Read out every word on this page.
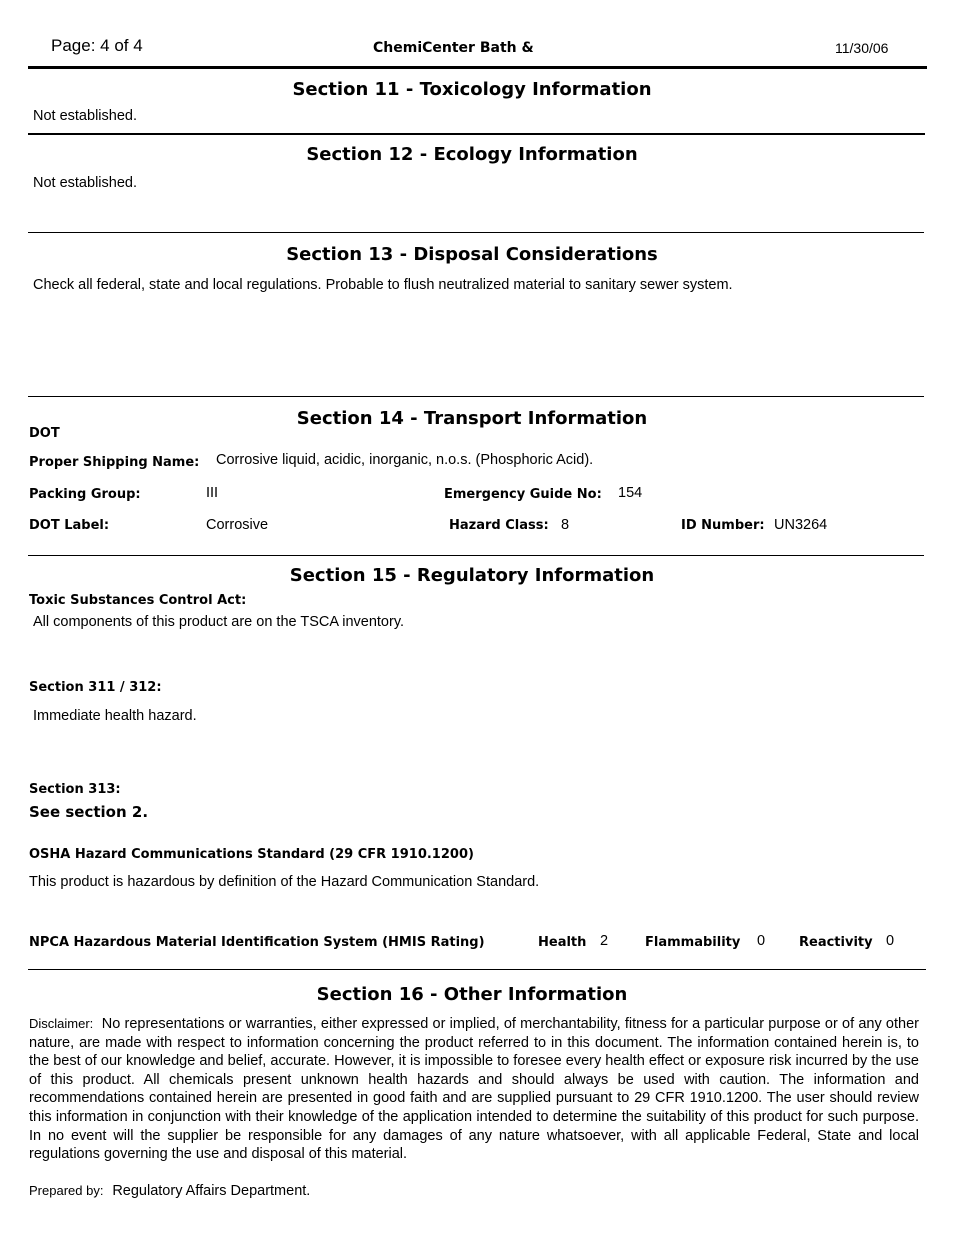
Page: 4 of 4	ChemiCenter Bath &	11/30/06
Section 11 - Toxicology Information
Not established.
Section 12 - Ecology Information
Not established.
Section 13 - Disposal Considerations
Check all federal, state and local regulations. Probable to flush neutralized material to sanitary sewer system.
Section 14 - Transport Information
DOT
Proper Shipping Name: Corrosive liquid, acidic, inorganic, n.o.s. (Phosphoric Acid).
Packing Group:	III	Emergency Guide No: 154
DOT Label:	Corrosive	Hazard Class: 8	ID Number: UN3264
Section 15 - Regulatory Information
Toxic Substances Control Act:
All components of this product are on the TSCA inventory.
Section 311 / 312:
Immediate health hazard.
Section 313:
See section 2.
OSHA Hazard Communications Standard (29 CFR 1910.1200)
This product is hazardous by definition of the Hazard Communication Standard.
NPCA Hazardous Material Identification System (HMIS Rating)	Health 2	Flammability 0	Reactivity 0
Section 16 - Other Information
Disclaimer: No representations or warranties, either expressed or implied, of merchantability, fitness for a particular purpose or of any other nature, are made with respect to information concerning the product referred to in this document. The information contained herein is, to the best of our knowledge and belief, accurate. However, it is impossible to foresee every health effect or exposure risk incurred by the use of this product. All chemicals present unknown health hazards and should always be used with caution. The information and recommendations contained herein are presented in good faith and are supplied pursuant to 29 CFR 1910.1200. The user should review this information in conjunction with their knowledge of the application intended to determine the suitability of this product for such purpose. In no event will the supplier be responsible for any damages of any nature whatsoever, with all applicable Federal, State and local regulations governing the use and disposal of this material.
Prepared by: Regulatory Affairs Department.
